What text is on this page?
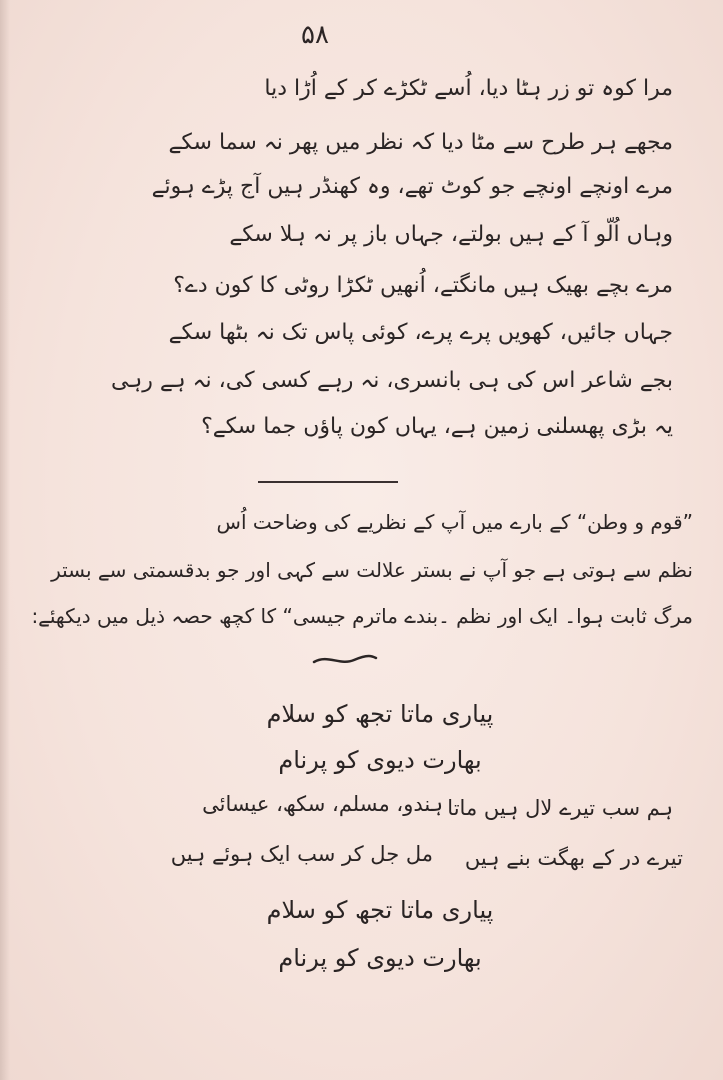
۵۸
مرا کوہ تو زر ہٹا دیا، اُسے ٹکڑے کر کے اُڑا دیا
مجھے ہر طرح سے مٹا دیا کہ نظر میں پھر نہ سما سکے
مرے اونچے اونچے جو کوٹ تھے، وہ کھنڈر ہیں آج پڑے ہوئے
وہاں اُلّو آ کے ہیں بولتے، جہاں باز پر نہ ہلا سکے
مرے بچے بھیک ہیں مانگتے، اُنھیں ٹکڑا روٹی کا کون دے؟
جہاں جائیں، کھویں پرے پرے، کوئی پاس تک نہ بٹھا سکے
بجے شاعر اس کی ہی بانسری، نہ رہے کسی کی، نہ ہے رہی
یہ بڑی پھسلنی زمین ہے، یہاں کون پاؤں جما سکے؟
”قوم و وطن“ کے بارے میں آپ کے نظریے کی وضاحت اُس
نظم سے ہوتی ہے جو آپ نے بستر علالت سے کہی اور جو بدقسمتی سے بستر
مرگ ثابت ہوا۔ ایک اور نظم ۔بندے ماترم جیسی“ کا کچھ حصہ ذیل میں دیکھئے:
پیاری ماتا تجھ کو سلام
بھارت دیوی کو پرنام
ہندو، مسلم، سکھ، عیسائی ہم سب تیرے لال ہیں ماتا
مل جل کر سب ایک ہوئے ہیں تیرے در کے بھگت بنے ہیں
پیاری ماتا تجھ کو سلام
بھارت دیوی کو پرنام
